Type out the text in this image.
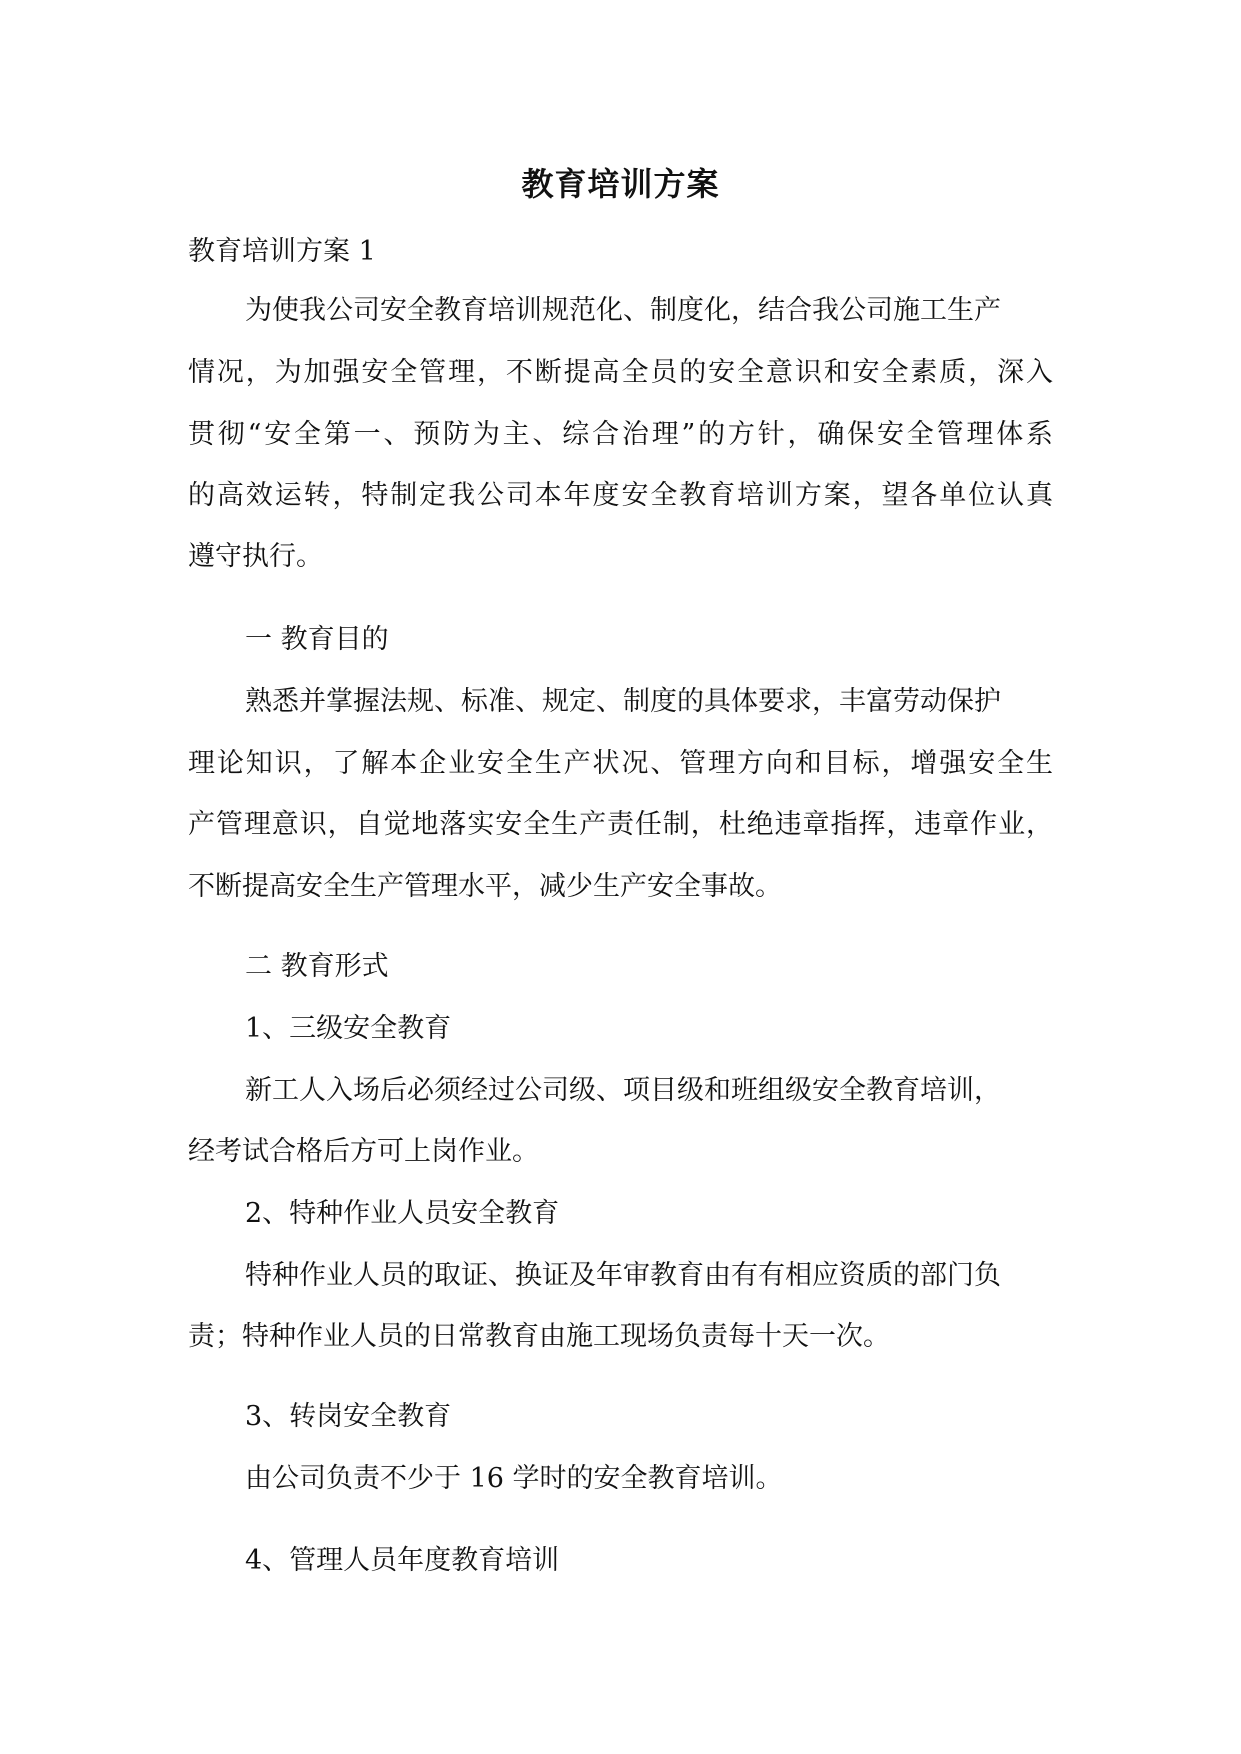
教育培训方案
教育培训方案 1
为使我公司安全教育培训规范化、制度化，结合我公司施工生产
情况，为加强安全管理，不断提高全员的安全意识和安全素质，深入
贯彻“安全第一、预防为主、综合治理”的方针，确保安全管理体系
的高效运转，特制定我公司本年度安全教育培训方案，望各单位认真
遵守执行。
一 教育目的
熟悉并掌握法规、标准、规定、制度的具体要求，丰富劳动保护
理论知识，了解本企业安全生产状况、管理方向和目标，增强安全生
产管理意识，自觉地落实安全生产责任制，杜绝违章指挥，违章作业，
不断提高安全生产管理水平，减少生产安全事故。
二 教育形式
1、三级安全教育
新工人入场后必须经过公司级、项目级和班组级安全教育培训，
经考试合格后方可上岗作业。
2、特种作业人员安全教育
特种作业人员的取证、换证及年审教育由有有相应资质的部门负
责；特种作业人员的日常教育由施工现场负责每十天一次。
3、转岗安全教育
由公司负责不少于 16 学时的安全教育培训。
4、管理人员年度教育培训
